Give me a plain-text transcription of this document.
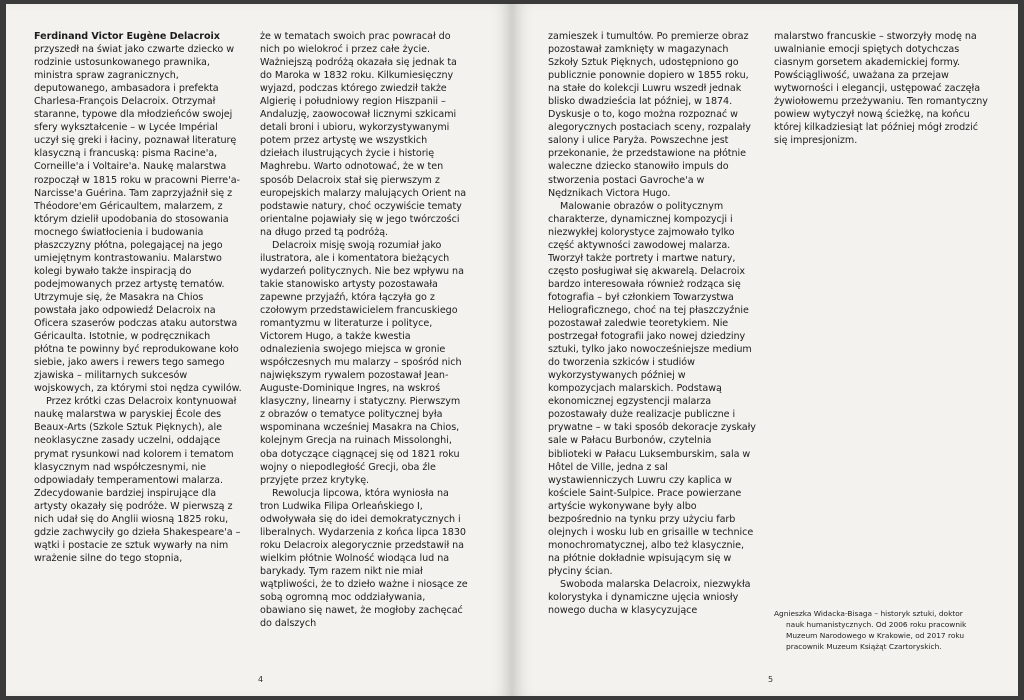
Ferdinand Victor Eugène Delacroix przyszedł na świat jako czwarte dziecko w rodzinie ustosunkowanego prawnika, ministra spraw zagranicznych, deputowanego, ambasadora i prefekta Charlesa-François Delacroix. Otrzymał staranne, typowe dla młodzieńców swojej sfery wykształcenie – w Lycée Impérial uczył się greki i łaciny, poznawał literaturę klasyczną i francuską: pisma Racine'a, Corneille'a i Voltaire'a. Naukę malarstwa rozpoczął w 1815 roku w pracowni Pierre'a-Narcisse'a Guérina. Tam zaprzyjaźnił się z Théodore'em Géricaultem, malarzem, z którym dzielił upodobania do stosowania mocnego światłocienia i budowania płaszczyzny płótna, polegającej na jego umiejętnym kontrastowaniu. Malarstwo kolegi bywało także inspiracją do podejmowanych przez artystę tematów. Utrzymuje się, że Masakra na Chios powstała jako odpowiedź Delacroix na Oficera szaserów podczas ataku autorstwa Géricaulta. Istotnie, w podręcznikach płótna te powinny być reprodukowane koło siebie, jako awers i rewers tego samego zjawiska – militarnych sukcesów wojskowych, za którymi stoi nędza cywilów.

Przez krótki czas Delacroix kontynuował naukę malarstwa w paryskiej École des Beaux-Arts (Szkole Sztuk Pięknych), ale neoklasyczne zasady uczelni, oddające prymat rysunkowi nad kolorem i tematom klasycznym nad współczesnymi, nie odpowiadały temperamentowi malarza. Zdecydowanie bardziej inspirujące dla artysty okazały się podróże. W pierwszą z nich udał się do Anglii wiosną 1825 roku, gdzie zachwyciły go dzieła Shakespeare'a – wątki i postacie ze sztuk wywarły na nim wrażenie silne do tego stopnia,

że w tematach swoich prac powracał do nich po wielokroć i przez całe życie. Ważniejszą podróżą okazała się jednak ta do Maroka w 1832 roku. Kilkumiesięczny wyjazd, podczas którego zwiedził także Algierię i południowy region Hiszpanii – Andaluzję, zaowocował licznymi szkicami detali broni i ubioru, wykorzystywanymi potem przez artystę we wszystkich dziełach ilustrujących życie i historię Maghrebu. Warto odnotować, że w ten sposób Delacroix stał się pierwszym z europejskich malarzy malujących Orient na podstawie natury, choć oczywiście tematy orientalne pojawiały się w jego twórczości na długo przed tą podróżą.

Delacroix misję swoją rozumiał jako ilustratora, ale i komentatora bieżących wydarzeń politycznych. Nie bez wpływu na takie stanowisko artysty pozostawała zapewne przyjaźń, która łączyła go z czołowym przedstawicielem francuskiego romantyzmu w literaturze i polityce, Victorem Hugo, a także kwestia odnalezienia swojego miejsca w gronie współczesnych mu malarzy – spośród nich największym rywalem pozostawał Jean-Auguste-Dominique Ingres, na wskroś klasyczny, linearny i statyczny. Pierwszym z obrazów o tematyce politycznej była wspominana wcześniej Masakra na Chios, kolejnym Grecja na ruinach Missolonghi, oba dotyczące ciągnącej się od 1821 roku wojny o niepodległość Grecji, oba źle przyjęte przez krytykę.

Rewolucja lipcowa, która wyniosła na tron Ludwika Filipa Orleańskiego I, odwoływała się do idei demokratycznych i liberalnych. Wydarzenia z końca lipca 1830 roku Delacroix alegorycznie przedstawił na wielkim płótnie Wolność wiodąca lud na barykady. Tym razem nikt nie miał wątpliwości, że to dzieło ważne i niosące ze sobą ogromną moc oddziaływania, obawiano się nawet, że mogłoby zachęcać do dalszych

4

zamieszek i tumultów. Po premierze obraz pozostawał zamknięty w magazynach Szkoły Sztuk Pięknych, udostępniono go publicznie ponownie dopiero w 1855 roku, na stałe do kolekcji Luwru wszedł jednak blisko dwadzieścia lat później, w 1874. Dyskusje o to, kogo można rozpoznać w alegorycznych postaciach sceny, rozpalały salony i ulice Paryża. Powszechne jest przekonanie, że przedstawione na płótnie waleczne dziecko stanowiło impuls do stworzenia postaci Gavroche'a w Nędznikach Victora Hugo.

Malowanie obrazów o politycznym charakterze, dynamicznej kompozycji i niezwykłej kolorystyce zajmowało tylko część aktywności zawodowej malarza. Tworzył także portrety i martwe natury, często posługiwał się akwarelą. Delacroix bardzo interesowała również rodząca się fotografia – był członkiem Towarzystwa Heliograficznego, choć na tej płaszczyźnie pozostawał zaledwie teoretykiem. Nie postrzegał fotografii jako nowej dziedziny sztuki, tylko jako nowocześniejsze medium do tworzenia szkiców i studiów wykorzystywanych później w kompozycjach malarskich. Podstawą ekonomicznej egzystencji malarza pozostawały duże realizacje publiczne i prywatne – w taki sposób dekoracje zyskały sale w Pałacu Burbonów, czytelnia biblioteki w Pałacu Luksemburskim, sala w Hôtel de Ville, jedna z sal wystawienniczych Luwru czy kaplica w kościele Saint-Sulpice. Prace powierzane artyście wykonywane były albo bezpośrednio na tynku przy użyciu farb olejnych i wosku lub en grisaille w technice monochromatycznej, albo też klasycznie, na płótnie dokładnie wpisującym się w płyciny ścian.

Swoboda malarska Delacroix, niezwykła kolorystyka i dynamiczne ujęcia wniosły nowego ducha w klasycyzujące

malarstwo francuskie – stworzyły modę na uwalnianie emocji spiętych dotychczas ciasnym gorsetem akademickiej formy. Powściągliwość, uważana za przejaw wytworności i elegancji, ustępować zaczęła żywiołowemu przeżywaniu. Ten romantyczny powiew wytyczył nową ścieżkę, na końcu której kilkadziesiąt lat później mógł zrodzić się impresjonizm.

Agnieszka Widacka-Bisaga – historyk sztuki, doktor
nauk humanistycznych. Od 2006 roku pracownik Muzeum Narodowego w Krakowie, od 2017 roku pracownik Muzeum Książąt Czartoryskich.
5
